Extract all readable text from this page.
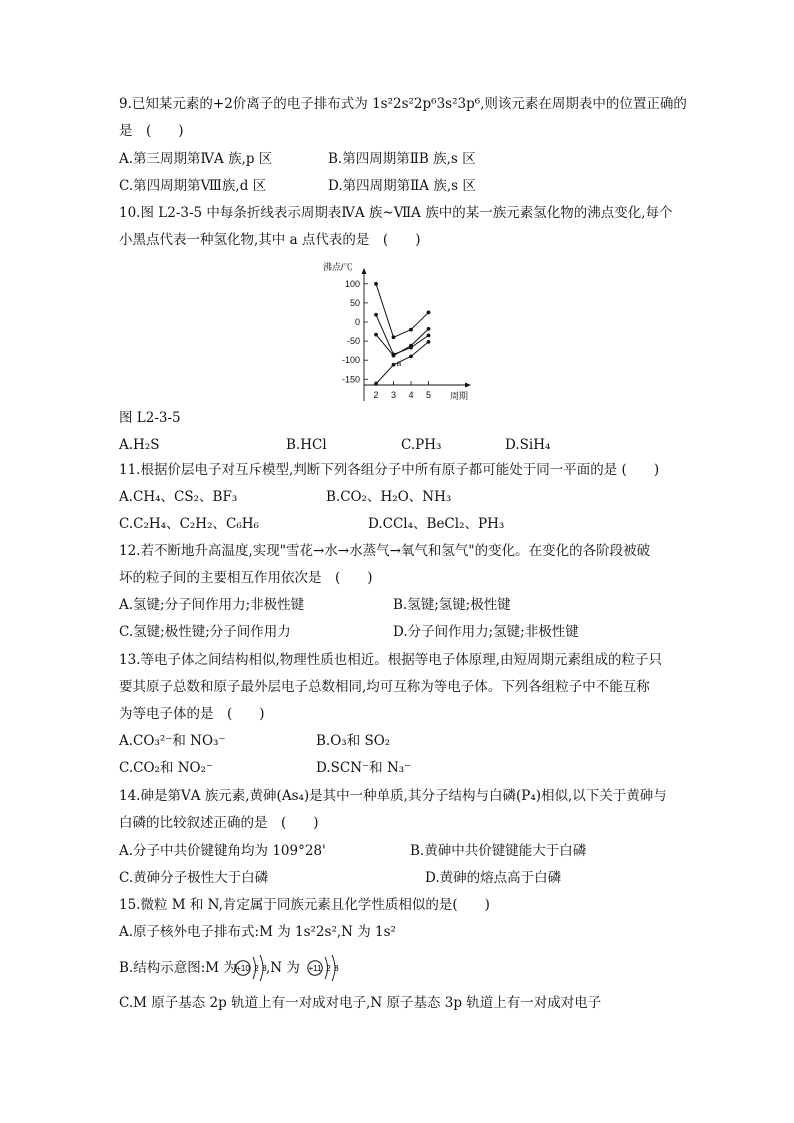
9.已知某元素的+2价离子的电子排布式为 1s²2s²2p⁶3s²3p⁶,则该元素在周期表中的位置正确的
是　(　　)
A.第三周期第ⅣA 族,p 区	B.第四周期第ⅡB 族,s 区
C.第四周期第Ⅷ族,d 区	D.第四周期第ⅡA 族,s 区
10.图 L2-3-5 中每条折线表示周期表ⅣA 族~ⅦA 族中的某一族元素氢化物的沸点变化,每个
小黑点代表一种氢化物,其中 a 点代表的是　(　　)
沸点/℃
周期
100
50
0
-50
-100
-150
2 3 4 5
a
图 L2-3-5
A.H₂S	B.HCl	C.PH₃	D.SiH₄
11.根据价层电子对互斥模型,判断下列各组分子中所有原子都可能处于同一平面的是 (　　)
A.CH₄、CS₂、BF₃	B.CO₂、H₂O、NH₃
C.C₂H₄、C₂H₂、C₆H₆	D.CCl₄、BeCl₂、PH₃
12.若不断地升高温度,实现"雪花→水→水蒸气→氧气和氢气"的变化。在变化的各阶段被破
坏的粒子间的主要相互作用依次是　(　　)
A.氢键;分子间作用力;非极性键	B.氢键;氢键;极性键
C.氢键;极性键;分子间作用力	D.分子间作用力;氢键;非极性键
13.等电子体之间结构相似,物理性质也相近。根据等电子体原理,由短周期元素组成的粒子只
要其原子总数和原子最外层电子总数相同,均可互称为等电子体。下列各组粒子中不能互称
为等电子体的是　(　　)
A.CO₃²⁻和 NO₃⁻	B.O₃和 SO₂
C.CO₂和 NO₂⁻	D.SCN⁻和 N₃⁻
14.砷是第ⅤA 族元素,黄砷(As₄)是其中一种单质,其分子结构与白磷(P₄)相似,以下关于黄砷与
白磷的比较叙述正确的是　(　　)
A.分子中共价键键角均为 109°28'	B.黄砷中共价键键能大于白磷
C.黄砷分子极性大于白磷	D.黄砷的熔点高于白磷
15.微粒 M 和 N,肯定属于同族元素且化学性质相似的是(　　)
A.原子核外电子排布式:M 为 1s²2s²,N 为 1s²
B.结构示意图:M 为 +10 2 8 ,N 为 +11 2 8
C.M 原子基态 2p 轨道上有一对成对电子,N 原子基态 3p 轨道上有一对成对电子
